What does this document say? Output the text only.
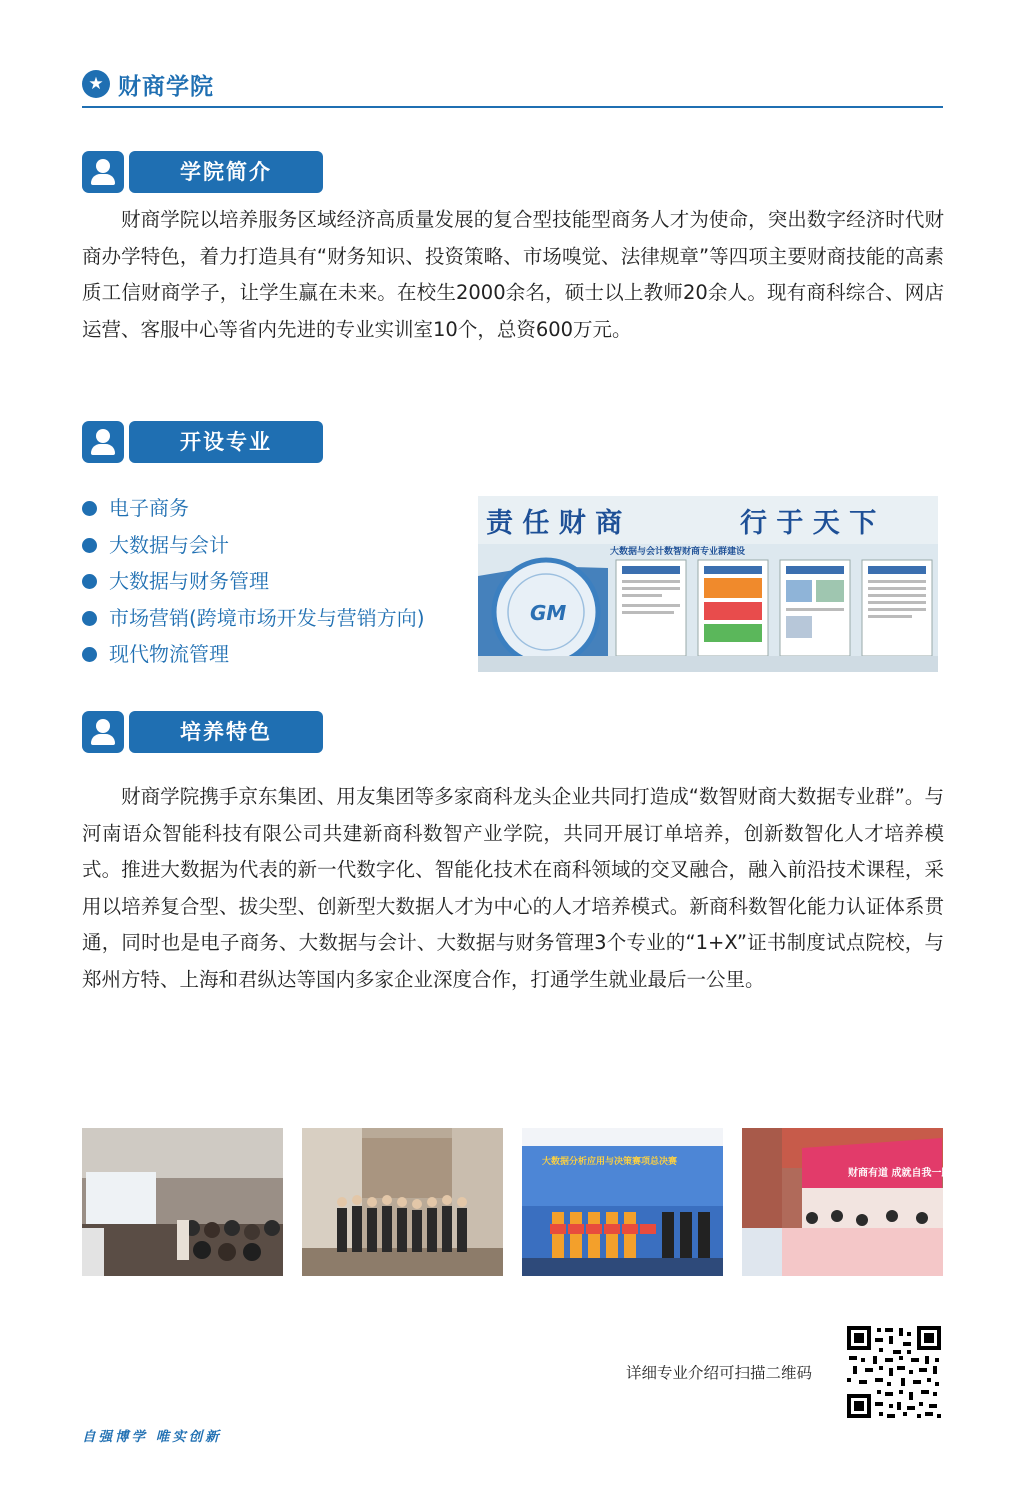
★ 财商学院
学院简介

财商学院以培养服务区域经济高质量发展的复合型技能型商务人才为使命，突出数字经济时代财商办学特色，着力打造具有“财务知识、投资策略、市场嗅觉、法律规章”等四项主要财商技能的高素质工信财商学子，让学生赢在未来。在校生2000余名，硕士以上教师20余人。现有商科综合、网店运营、客服中心等省内先进的专业实训室10个，总资600万元。

开设专业
电子商务
大数据与会计
大数据与财务管理
市场营销(跨境市场开发与营销方向)
现代物流管理
责 任 财 商	行 于 天 下
大数据与会计数智财商专业群建设
GM
培养特色

财商学院携手京东集团、用友集团等多家商科龙头企业共同打造成“数智财商大数据专业群”。与河南语众智能科技有限公司共建新商科数智产业学院，共同开展订单培养，创新数智化人才培养模式。推进大数据为代表的新一代数字化、智能化技术在商科领域的交叉融合，融入前沿技术课程，采用以培养复合型、拔尖型、创新型大数据人才为中心的人才培养模式。新商科数智化能力认证体系贯通，同时也是电子商务、大数据与会计、大数据与财务管理3个专业的“1+X”证书制度试点院校，与郑州方特、上海和君纵达等国内多家企业深度合作，打通学生就业最后一公里。

大数据分析应用与决策赛项总决赛
财商有道 成就自我一路同行
详细专业介绍可扫描二维码
自强博学 唯实创新
